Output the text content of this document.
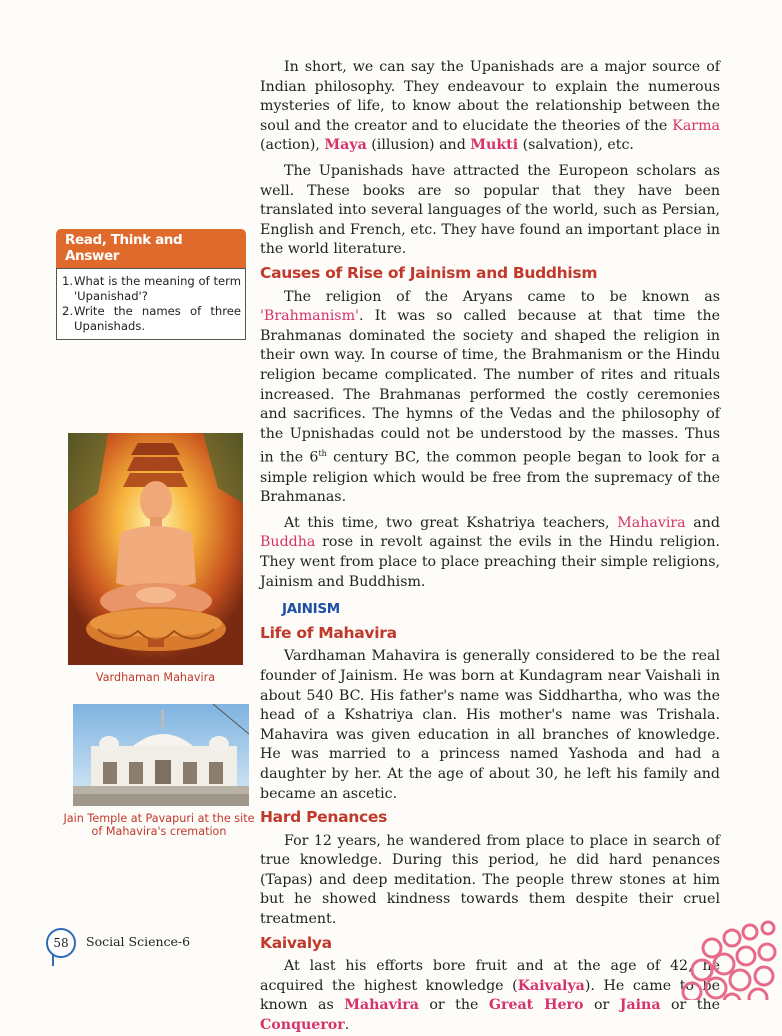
Read, Think and Answer
1. What is the meaning of term 'Upanishad'?
2. Write the names of three Upanishads.
Vardhaman Mahavira
Jain Temple at Pavapuri at the site of Mahavira's cremation

In short, we can say the Upanishads are a major source of Indian philosophy. They endeavour to explain the numerous mysteries of life, to know about the relationship between the soul and the creator and to elucidate the theories of the Karma (action), Maya (illusion) and Mukti (salvation), etc.

The Upanishads have attracted the Europeon scholars as well. These books are so popular that they have been translated into several languages of the world, such as Persian, English and French, etc. They have found an important place in the world literature.

Causes of Rise of Jainism and Buddhism

The religion of the Aryans came to be known as 'Brahmanism'. It was so called because at that time the Brahmanas dominated the society and shaped the religion in their own way. In course of time, the Brahmanism or the Hindu religion became complicated. The number of rites and rituals increased. The Brahmanas performed the costly ceremonies and sacrifices. The hymns of the Vedas and the philosophy of the Upnishadas could not be understood by the masses. Thus in the 6th century BC, the common people began to look for a simple religion which would be free from the supremacy of the Brahmanas.

At this time, two great Kshatriya teachers, Mahavira and Buddha rose in revolt against the evils in the Hindu religion. They went from place to place preaching their simple religions, Jainism and Buddhism.

JAINISM
Life of Mahavira

Vardhaman Mahavira is generally considered to be the real founder of Jainism. He was born at Kundagram near Vaishali in about 540 BC. His father's name was Siddhartha, who was the head of a Kshatriya clan. His mother's name was Trishala. Mahavira was given education in all branches of knowledge. He was married to a princess named Yashoda and had a daughter by her. At the age of about 30, he left his family and became an ascetic.

Hard Penances

For 12 years, he wandered from place to place in search of true knowledge. During this period, he did hard penances (Tapas) and deep meditation. The people threw stones at him but he showed kindness towards them despite their cruel treatment.

Kaivalya

At last his efforts bore fruit and at the age of 42, he acquired the highest knowledge (Kaivalya). He came to be known as Mahavira or the Great Hero or Jaina or the Conqueror.

58	Social Science-6
